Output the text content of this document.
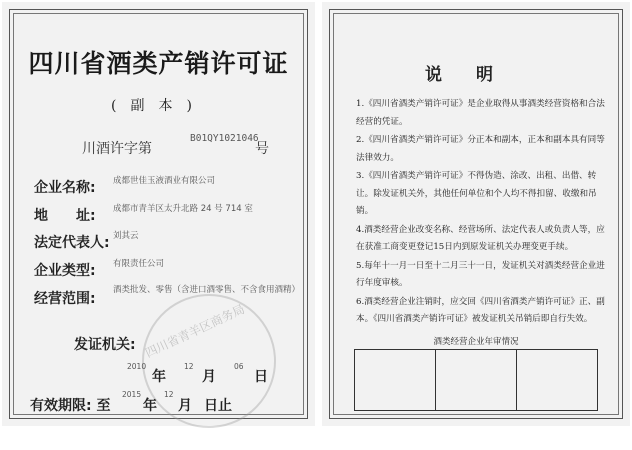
四川省酒类产销许可证
(副本)
川酒许字第
B01QY1021046
号
企业名称: 成都世佳玉液酒业有限公司
地　　址: 成都市青羊区太升北路 24 号 714 室
法定代表人: 刘其云
企业类型: 有限责任公司
经营范围:
酒类批发、零售（含进口酒零售、不含食用酒精）
四川省青羊区商务局
发证机关:
2010
年
12
月
06
日
有效期限: 至
2015
年
12
月 日止
说明

1.《四川省酒类产销许可证》是企业取得从事酒类经营资格和合法经营的凭证。

2.《四川省酒类产销许可证》分正本和副本，正本和副本具有同等法律效力。

3.《四川省酒类产销许可证》不得伪造、涂改、出租、出借、转让。除发证机关外，其他任何单位和个人均不得扣留、收缴和吊销。

4.酒类经营企业改变名称、经营场所、法定代表人或负责人等，应在获准工商变更登记15日内到原发证机关办理变更手续。

5.每年十一月一日至十二月三十一日，发证机关对酒类经营企业进行年度审核。

6.酒类经营企业注销时，应交回《四川省酒类产销许可证》正、副本。《四川省酒类产销许可证》被发证机关吊销后即自行失效。

酒类经营企业年审情况
